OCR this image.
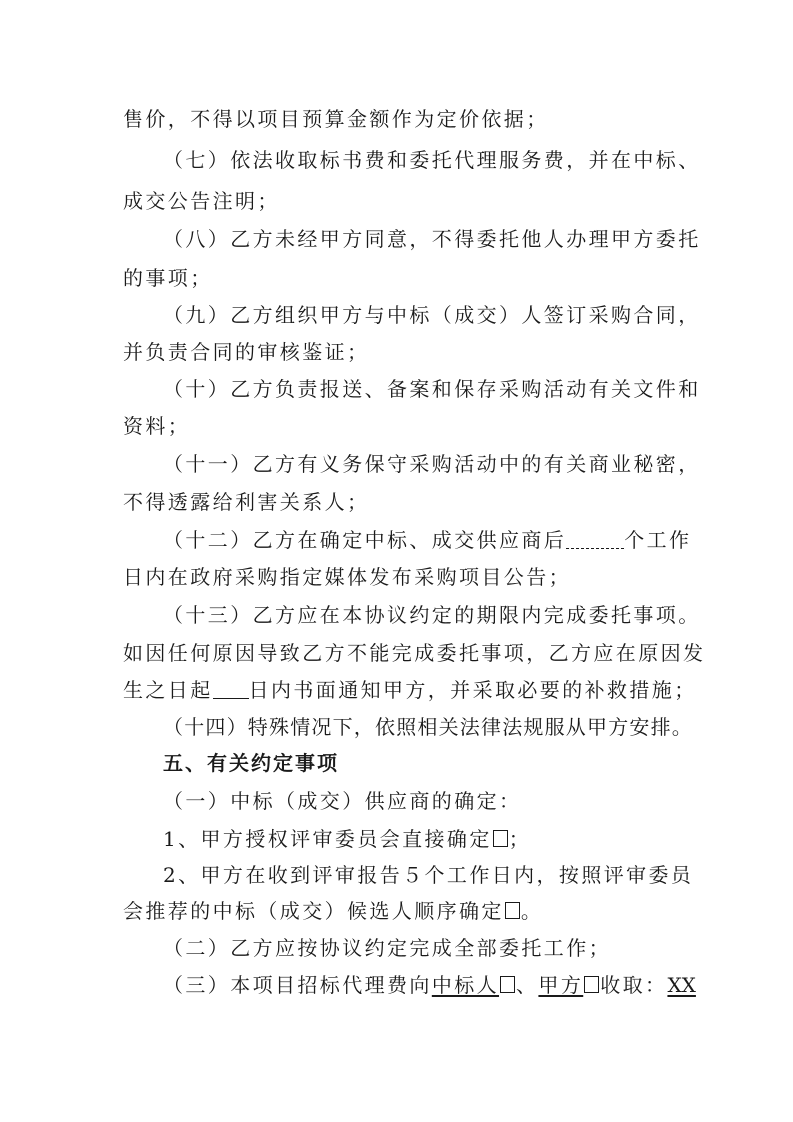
售价，不得以项目预算金额作为定价依据；
（七）依法收取标书费和委托代理服务费，并在中标、
成交公告注明；
（八）乙方未经甲方同意，不得委托他人办理甲方委托
的事项；
（九）乙方组织甲方与中标（成交）人签订采购合同，
并负责合同的审核鉴证；
（十）乙方负责报送、备案和保存采购活动有关文件和
资料；
（十一）乙方有义务保守采购活动中的有关商业秘密，
不得透露给利害关系人；
（十二）乙方在确定中标、成交供应商后	个工作
日内在政府采购指定媒体发布采购项目公告；
（十三）乙方应在本协议约定的期限内完成委托事项。
如因任何原因导致乙方不能完成委托事项，乙方应在原因发
生之日起 日内书面通知甲方，并采取必要的补救措施；
（十四）特殊情况下，依照相关法律法规服从甲方安排。
五、有关约定事项
（一）中标（成交）供应商的确定：
1、甲方授权评审委员会直接确定 ；
2、甲方在收到评审报告５个工作日内，按照评审委员
会推荐的中标（成交）候选人顺序确定 。
（二）乙方应按协议约定完成全部委托工作；
（三）本项目招标代理费向中标人 、甲方 收取：XX
